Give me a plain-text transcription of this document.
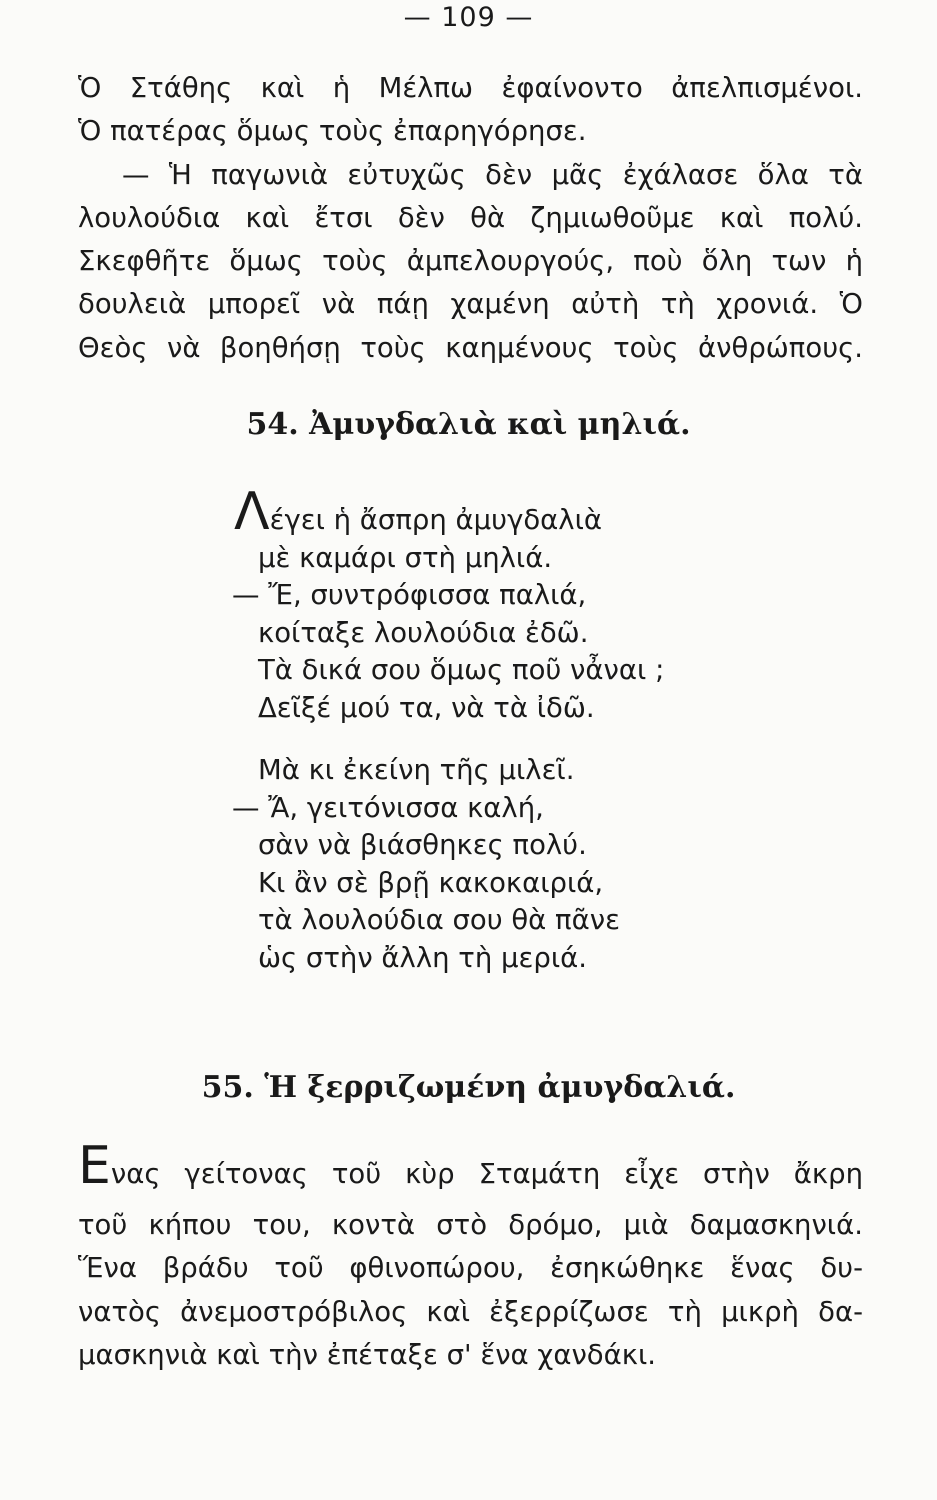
— 109 —
Ὁ Στάθης καὶ ἡ Μέλπω ἐφαίνοντο ἀπελπισμένοι.
Ὁ πατέρας ὅμως τοὺς ἐπαρηγόρησε.
— Ἡ παγωνιὰ εὐτυχῶς δὲν μᾶς ἐχάλασε ὅλα τὰ
λουλούδια καὶ ἔτσι δὲν θὰ ζημιωθοῦμε καὶ πολύ.
Σκεφθῆτε ὅμως τοὺς ἀμπελουργούς, ποὺ ὅλη των ἡ
δουλειὰ μπορεῖ νὰ πάῃ χαμένη αὐτὴ τὴ χρονιά. Ὁ
Θεὸς νὰ βοηθήσῃ τοὺς καημένους τοὺς ἀνθρώπους.
54. Ἀμυγδαλιὰ καὶ μηλιά.
Λέγει ἡ ἄσπρη ἀμυγδαλιὰ
μὲ καμάρι στὴ μηλιά.
— Ἔ, συντρόφισσα παλιά,
κοίταξε λουλούδια ἐδῶ.
Τὰ δικά σου ὅμως ποῦ νἆναι ;
Δεῖξέ μού τα, νὰ τὰ ἰδῶ.
Μὰ κι ἐκείνη τῆς μιλεῖ.
— Ἄ, γειτόνισσα καλή,
σὰν νὰ βιάσθηκες πολύ.
Κι ἂν σὲ βρῇ κακοκαιριά,
τὰ λουλούδια σου θὰ πᾶνε
ὡς στὴν ἄλλη τὴ μεριά.
55. Ἡ ξερριζωμένη ἀμυγδαλιά.
Ενας γείτονας τοῦ κὺρ Σταμάτη εἶχε στὴν ἄκρη
τοῦ κήπου του, κοντὰ στὸ δρόμο, μιὰ δαμασκηνιά.
Ἕνα βράδυ τοῦ φθινοπώρου, ἐσηκώθηκε ἕνας δυ-
νατὸς ἀνεμοστρόβιλος καὶ ἐξερρίζωσε τὴ μικρὴ δα-
μασκηνιὰ καὶ τὴν ἐπέταξε σ' ἕνα χανδάκι.
